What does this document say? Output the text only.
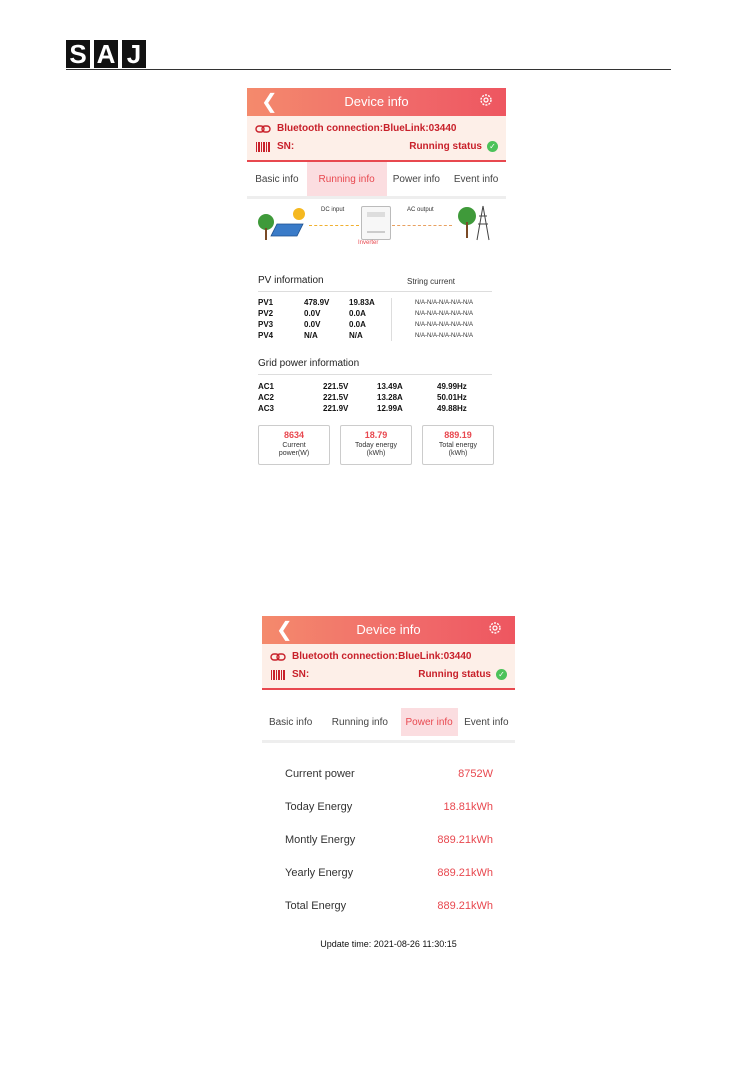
S A J
❮	Device info
Bluetooth connection:BlueLink:03440
SN:	Running status ✓
Basic info	Running info	Power info	Event info
DC input
Inverter
AC output
PV information	String current
PV1	478.9V 19.83A	N/A-N/A-N/A-N/A-N/A
PV2	0.0V	0.0A	N/A-N/A-N/A-N/A-N/A
PV3	0.0V	0.0A	N/A-N/A-N/A-N/A-N/A
PV4	N/A	N/A	N/A-N/A-N/A-N/A-N/A
Grid power information
AC1	221.5V	13.49A	49.99Hz
AC2	221.5V	13.28A	50.01Hz
AC3	221.9V	12.99A	49.88Hz
8634
Current
power(W)
18.79
Today energy
(kWh)
889.19
Total energy
(kWh)
❮	Device info
Bluetooth connection:BlueLink:03440
SN:	Running status ✓
Basic info	Running info	Power info	Event info
Current power	8752W
Today Energy	18.81kWh
Montly Energy	889.21kWh
Yearly Energy	889.21kWh
Total Energy	889.21kWh
Update time: 2021-08-26 11:30:15
